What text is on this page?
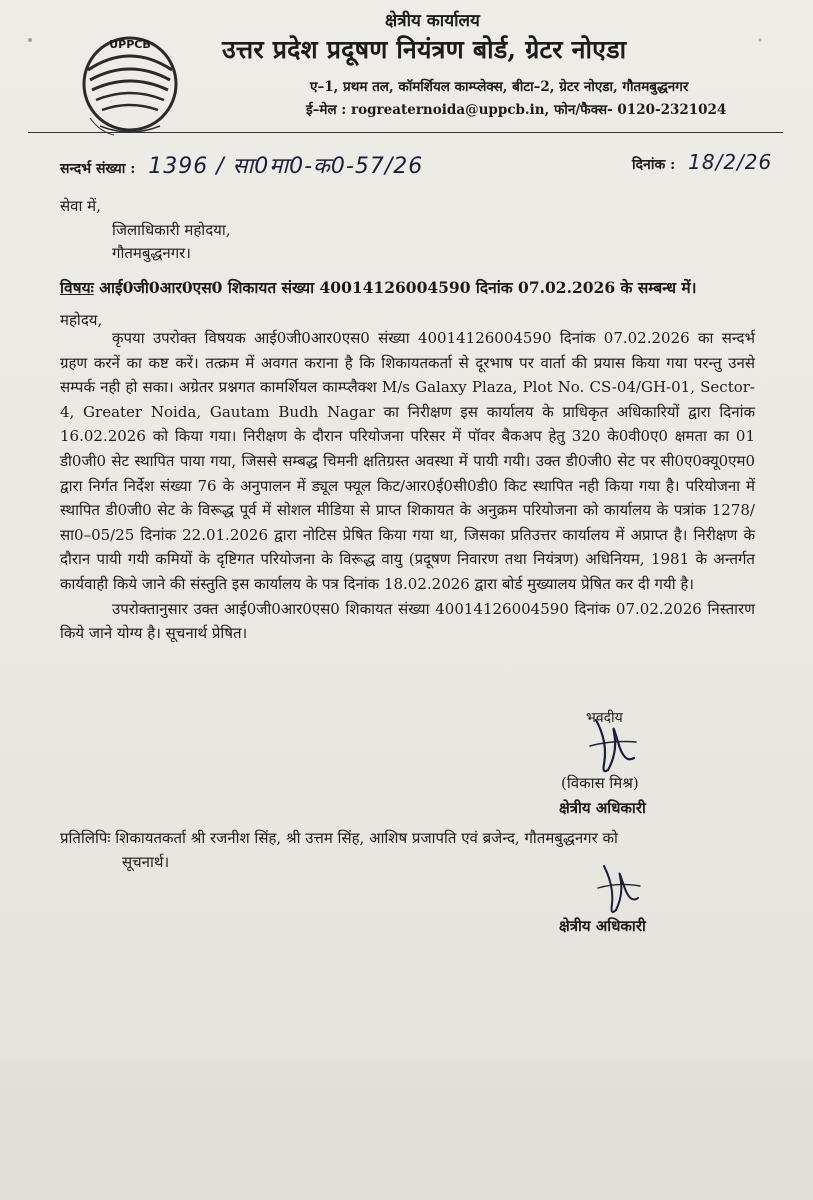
UPPCB
क्षेत्रीय कार्यालय
उत्तर प्रदेश प्रदूषण नियंत्रण बोर्ड, ग्रेटर नोएडा
ए–1, प्रथम तल, कॉमर्शियल काम्प्लेक्स, बीटा–2, ग्रेटर नोएडा, गौतमबुद्धनगर
ई–मेल : rogreaternoida@uppcb.in, फोन/फैक्स- 0120-2321024
सन्दर्भ संख्या : 1396 / सा0मा0-क0-57/26	दिनांक : 18/2/26
सेवा में,
जिलाधिकारी महोदया,
गौतमबुद्धनगर।
विषयः आई0जी0आर0एस0 शिकायत संख्या 40014126004590 दिनांक 07.02.2026 के सम्बन्ध में।
महोदय,

कृपया उपरोक्त विषयक आई0जी0आर0एस0 संख्या 40014126004590 दिनांक 07.02.2026 का सन्दर्भ ग्रहण करनें का कष्ट करें। तत्क्रम में अवगत कराना है कि शिकायतकर्ता से दूरभाष पर वार्ता की प्रयास किया गया परन्तु उनसे सम्पर्क नही हो सका। अग्रेतर प्रश्नगत कामर्शियल काम्प्लैक्श M/s Galaxy Plaza, Plot No. CS-04/GH-01, Sector-4, Greater Noida, Gautam Budh Nagar का निरीक्षण इस कार्यालय के प्राधिकृत अधिकारियों द्वारा दिनांक 16.02.2026 को किया गया। निरीक्षण के दौरान परियोजना परिसर में पॉवर बैकअप हेतु 320 के0वी0ए0 क्षमता का 01 डी0जी0 सेट स्थापित पाया गया, जिससे सम्बद्ध चिमनी क्षतिग्रस्त अवस्था में पायी गयी। उक्त डी0जी0 सेट पर सी0ए0क्यू0एम0 द्वारा निर्गत निर्देश संख्या 76 के अनुपालन में ड्यूल फ्यूल किट/आर0ई0सी0डी0 किट स्थापित नही किया गया है। परियोजना में स्थापित डी0जी0 सेट के विरूद्ध पूर्व में सोशल मीडिया से प्राप्त शिकायत के अनुक्रम परियोजना को कार्यालय के पत्रांक 1278/सा0–05/25 दिनांक 22.01.2026 द्वारा नोटिस प्रेषित किया गया था, जिसका प्रतिउत्तर कार्यालय में अप्राप्त है। निरीक्षण के दौरान पायी गयी कमियों के दृष्टिगत परियोजना के विरूद्ध वायु (प्रदूषण निवारण तथा नियंत्रण) अधिनियम, 1981 के अन्तर्गत कार्यवाही किये जाने की संस्तुति इस कार्यालय के पत्र दिनांक 18.02.2026 द्वारा बोर्ड मुख्यालय प्रेषित कर दी गयी है।

उपरोक्तानुसार उक्त आई0जी0आर0एस0 शिकायत संख्या 40014126004590 दिनांक 07.02.2026 निस्तारण किये जाने योग्य है। सूचनार्थ प्रेषित।

भवदीय
(विकास मिश्र)
क्षेत्रीय अधिकारी
प्रतिलिपिः शिकायतकर्ता श्री रजनीश सिंह, श्री उत्तम सिंह, आशिष प्रजापति एवं ब्रजेन्द, गौतमबुद्धनगर को
सूचनार्थ।
क्षेत्रीय अधिकारी
